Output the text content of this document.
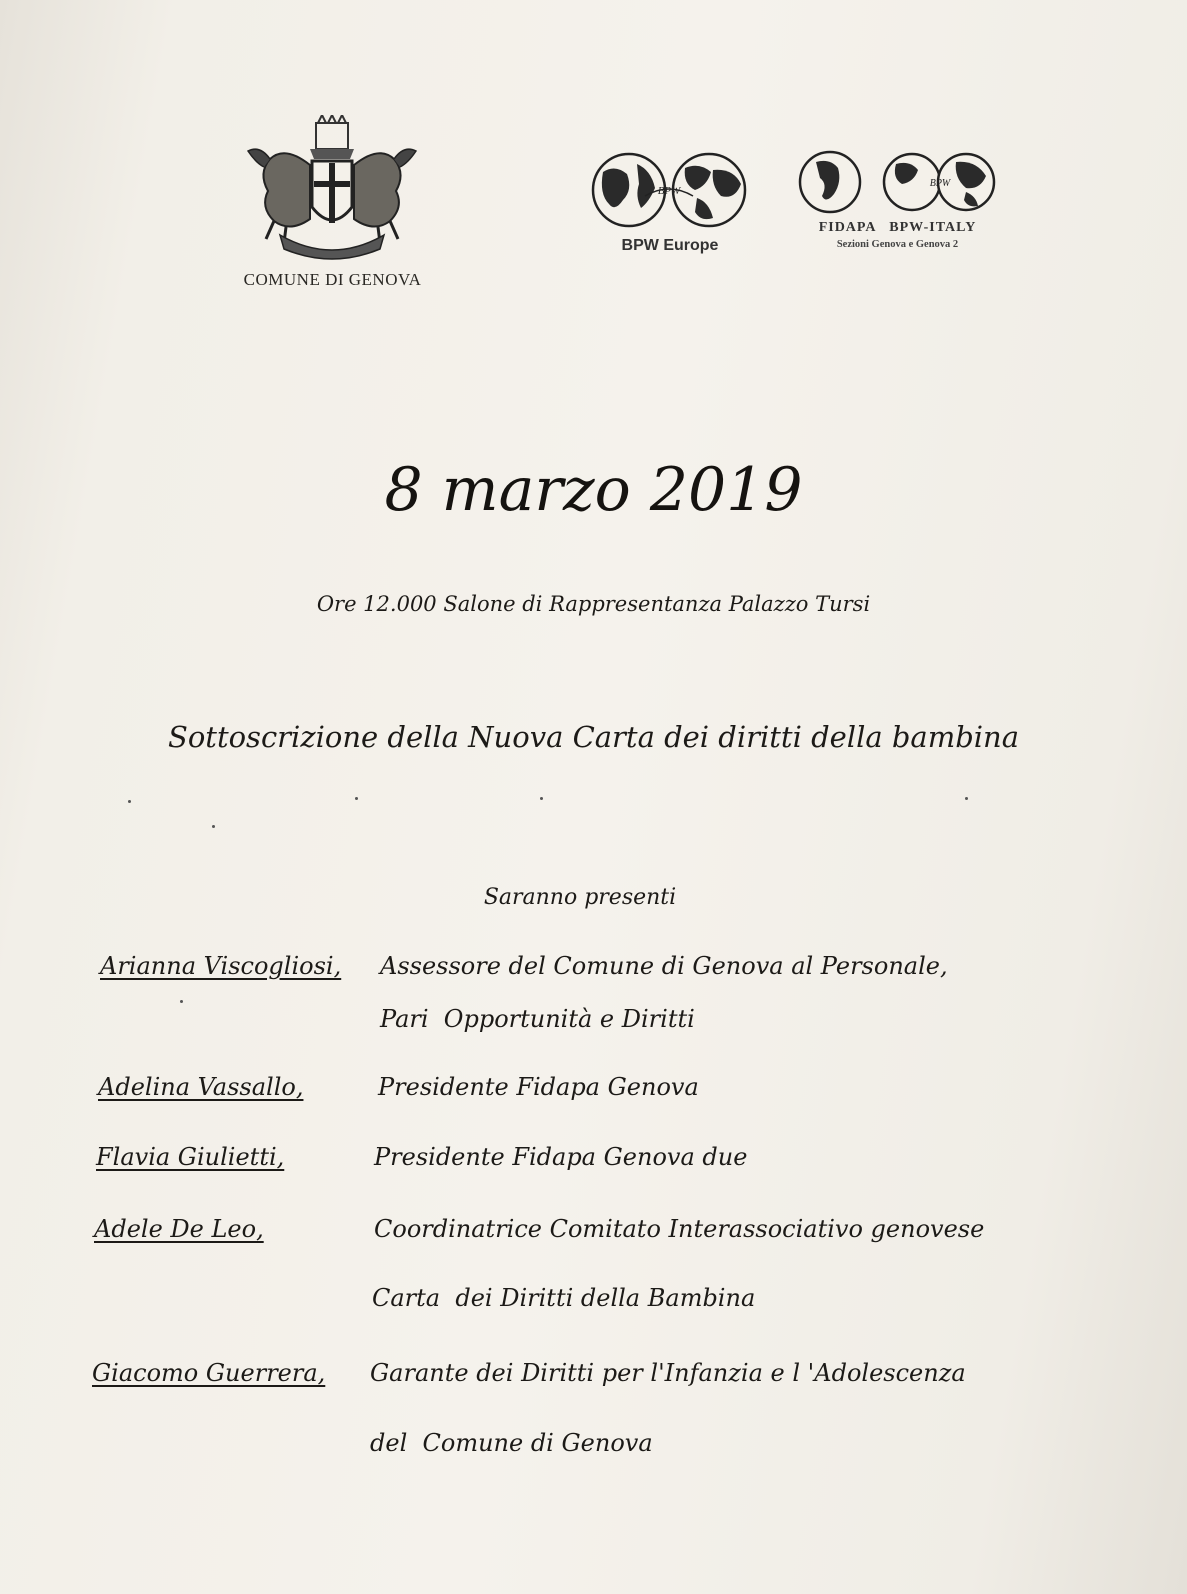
COMUNE DI GENOVA
BPW
BPW Europe
BPW
FIDAPA   BPW-ITALY
Sezioni Genova e Genova 2
8 marzo 2019
Ore 12.000 Salone di Rappresentanza Palazzo Tursi
Sottoscrizione della Nuova Carta dei diritti della bambina
Saranno presenti
Arianna Viscogliosi, Assessore del Comune di Genova al Personale,
Pari  Opportunità e Diritti
Adelina Vassallo,	Presidente Fidapa Genova
Flavia Giulietti,	Presidente Fidapa Genova due
Adele De Leo,	Coordinatrice Comitato Interassociativo genovese
Carta  dei Diritti della Bambina
Giacomo Guerrera, Garante dei Diritti per l'Infanzia e l 'Adolescenza
del  Comune di Genova
